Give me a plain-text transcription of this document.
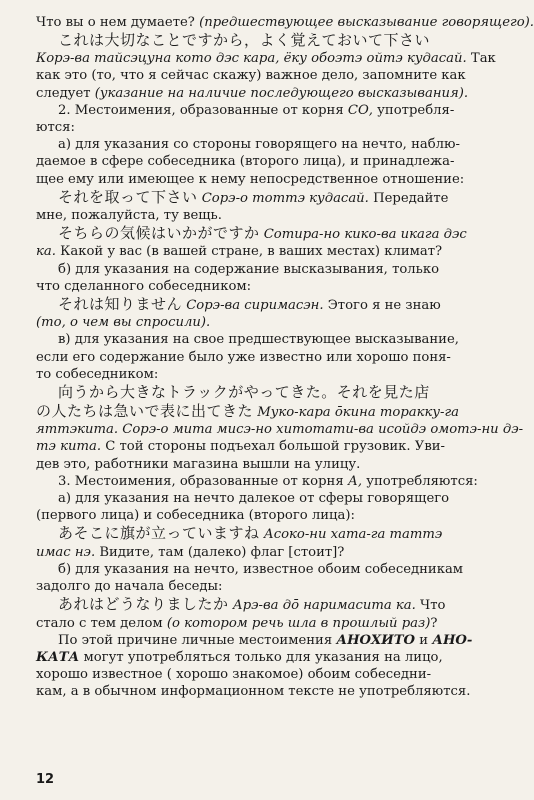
Что вы о нем думаете? (предшествующее высказывание говорящего).
これは大切なことですから，よく覚えておいて下さい
Корэ-ва тайсэцуна кото дэс кара, ёку обоэтэ ойтэ кудасай. Так
как это (то, что я сейчас скажу) важное дело, запомните как
следует (указание на наличие последующего высказывания).
2. Местоимения, образованные от корня СО, употребля-
ются:
а) для указания со стороны говорящего на нечто, наблю-
даемое в сфере собеседника (второго лица), и принадлежа-
щее ему или имеющее к нему непосредственное отношение:
それを取って下さい Сорэ-о тоттэ кудасай. Передайте
мне, пожалуйста, ту вещь.
そちらの気候はいかがですか Сотира-но кико-ва икага дэс
ка. Какой у вас (в вашей стране, в ваших местах) климат?
б) для указания на содержание высказывания, только
что сделанного собеседником:
それは知りません Сорэ-ва сиримасэн. Этого я не знаю
(то, о чем вы спросили).
в) для указания на свое предшествующее высказывание,
если его содержание было уже известно или хорошо поня-
то собеседником:
向うから大きなトラックがやってきた。それを見た店
の人たちは急いで表に出てきた Муко-кара ōкина торакку-га
яттэкита. Сорэ-о мита мисэ-но хитотати-ва исойдэ омотэ-ни дэ-
тэ кита. С той стороны подъехал большой грузовик. Уви-
дев это, работники магазина вышли на улицу.
3. Местоимения, образованные от корня А, употребляются:
а) для указания на нечто далекое от сферы говорящего
(первого лица) и собеседника (второго лица):
あそこに旗が立っていますね Асоко-ни хата-га таттэ
имас нэ. Видите, там (далеко) флаг [стоит]?
б) для указания на нечто, известное обоим собеседникам
задолго до начала беседы:
あれはどうなりましたか Арэ-ва дō наримасита ка. Что
стало с тем делом (о котором речь шла в прошлый раз)?
По этой причине личные местоимения АНОХИТО и АНО-
КАТА могут употребляться только для указания на лицо,
хорошо известное ( хорошо знакомое) обоим собеседни-
кам, а в обычном информационном тексте не употребляются.
12
